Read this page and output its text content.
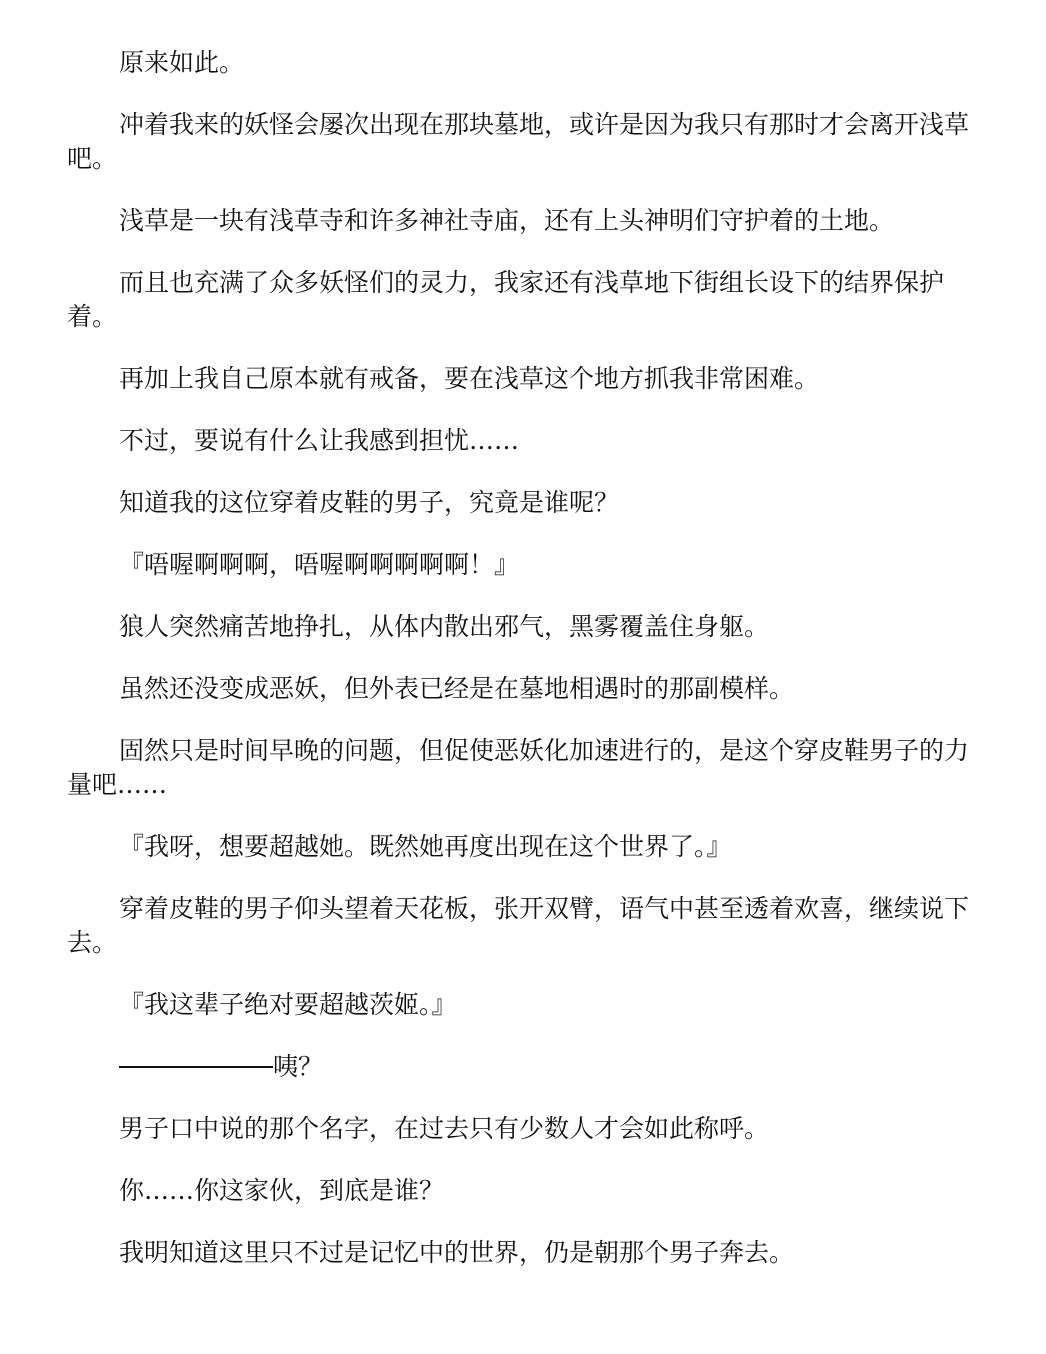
原来如此。

冲着我来的妖怪会屡次出现在那块墓地，或许是因为我只有那时才会离开浅草吧。

浅草是一块有浅草寺和许多神社寺庙，还有上头神明们守护着的土地。

而且也充满了众多妖怪们的灵力，我家还有浅草地下街组长设下的结界保护着。

再加上我自己原本就有戒备，要在浅草这个地方抓我非常困难。

不过，要说有什么让我感到担忧……

知道我的这位穿着皮鞋的男子，究竟是谁呢？

『唔喔啊啊啊，唔喔啊啊啊啊啊！』

狼人突然痛苦地挣扎，从体内散出邪气，黑雾覆盖住身躯。

虽然还没变成恶妖，但外表已经是在墓地相遇时的那副模样。

固然只是时间早晚的问题，但促使恶妖化加速进行的，是这个穿皮鞋男子的力量吧……

『我呀，想要超越她。既然她再度出现在这个世界了。』

穿着皮鞋的男子仰头望着天花板，张开双臂，语气中甚至透着欢喜，继续说下去。

『我这辈子绝对要超越茨姬。』

咦？

男子口中说的那个名字，在过去只有少数人才会如此称呼。

你……你这家伙，到底是谁？

我明知道这里只不过是记忆中的世界，仍是朝那个男子奔去。
